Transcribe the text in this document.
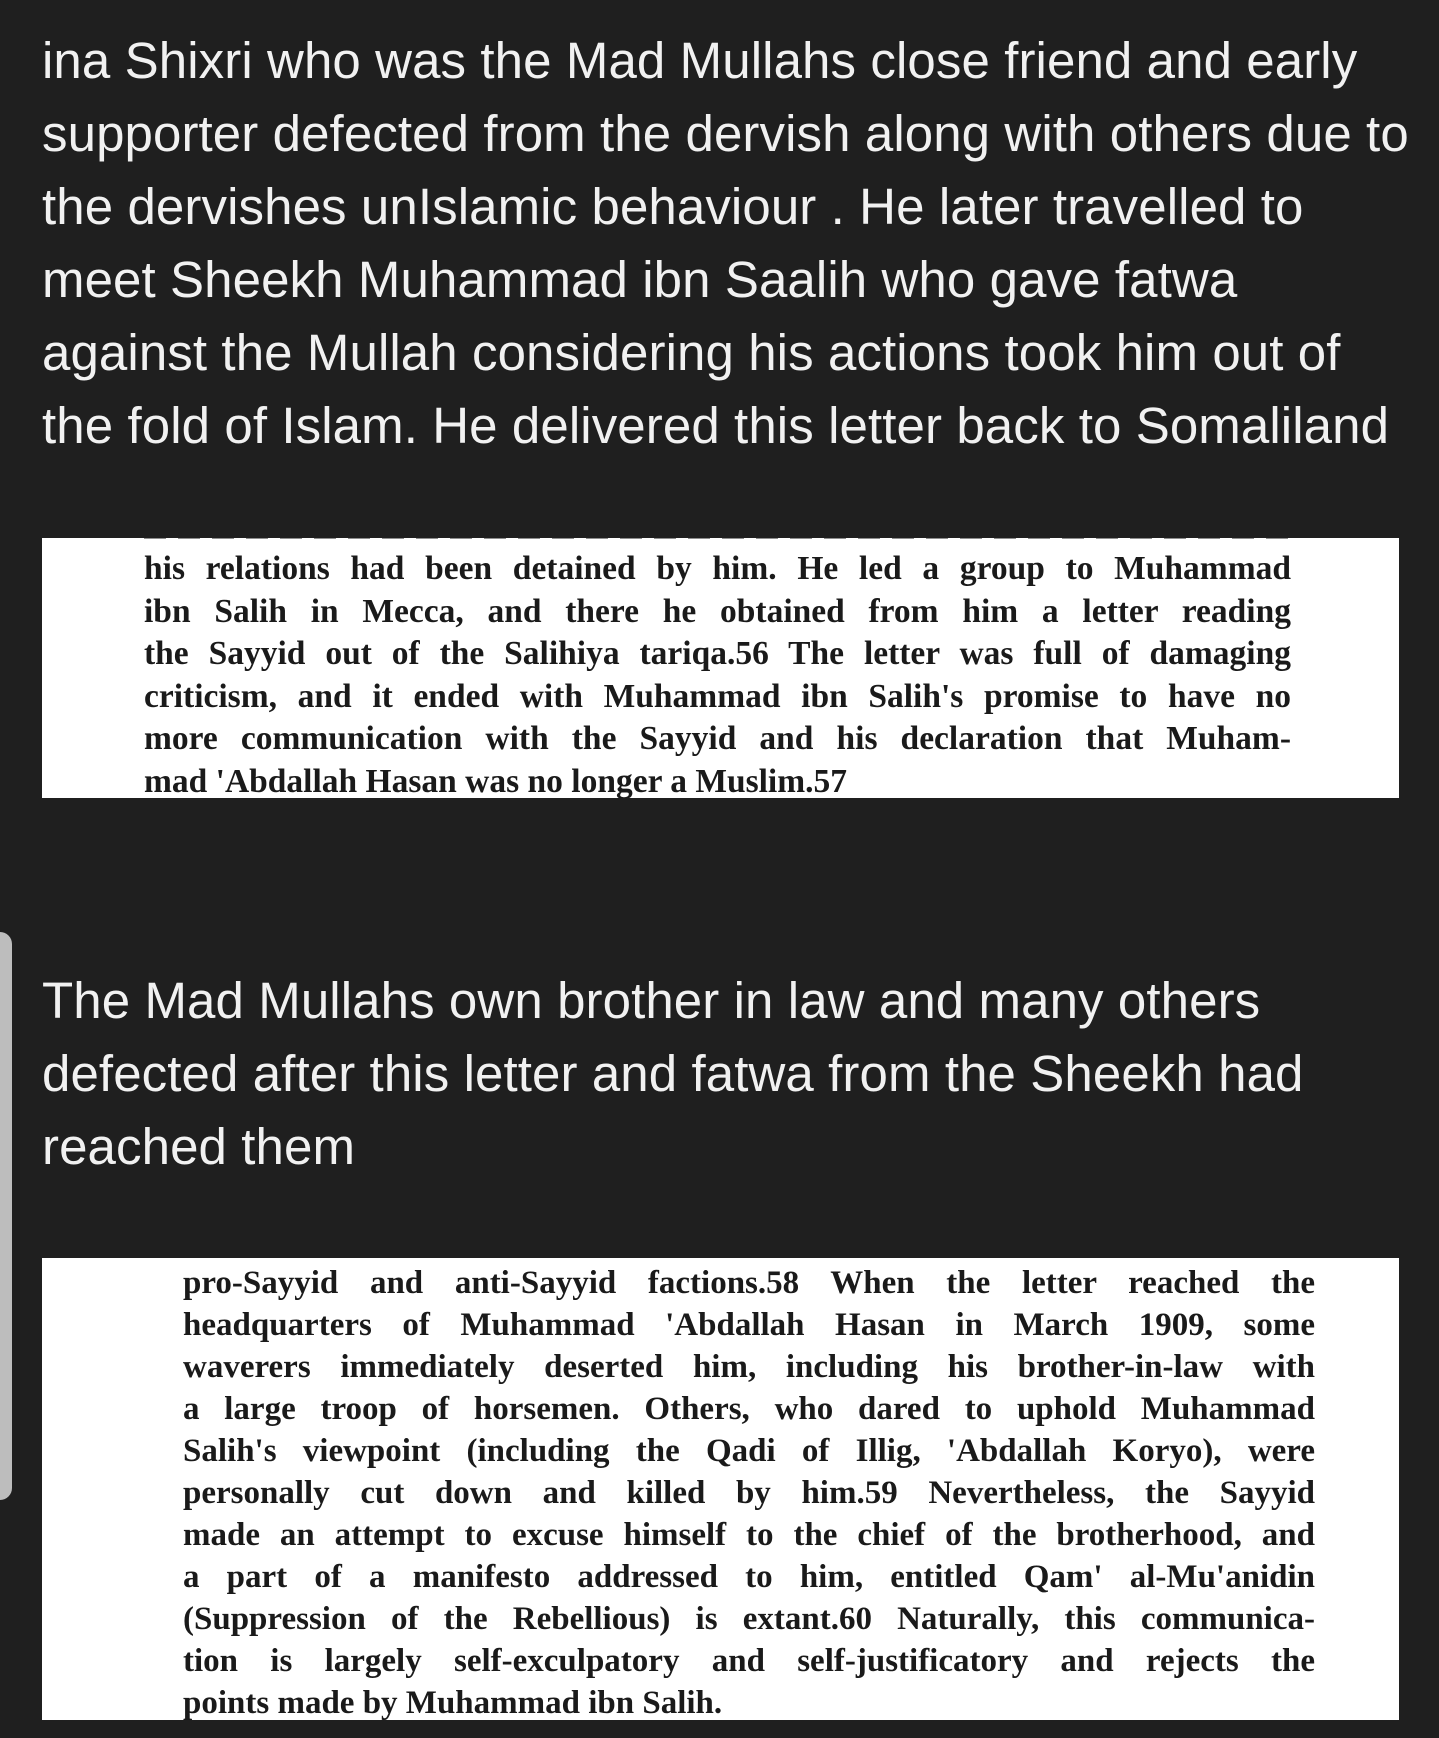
ina Shixri who was the Mad Mullahs close friend and early supporter defected from the dervish along with others due to the dervishes unIslamic behaviour . He later travelled to meet Sheekh Muhammad ibn Saalih who gave fatwa against the Mullah considering his actions took him out of the fold of Islam. He delivered this letter back to Somaliland

his relations had been detained by him. He led a group to Muhammad
ibn Salih in Mecca, and there he obtained from him a letter reading
the Sayyid out of the Salihiya tariqa.56 The letter was full of damaging
criticism, and it ended with Muhammad ibn Salih's promise to have no
more communication with the Sayyid and his declaration that Muham-
mad 'Abdallah Hasan was no longer a Muslim.57

The Mad Mullahs own brother in law and many others defected after this letter and fatwa from the Sheekh had reached them

pro-Sayyid and anti-Sayyid factions.58 When the letter reached the
headquarters of Muhammad 'Abdallah Hasan in March 1909, some
waverers immediately deserted him, including his brother-in-law with
a large troop of horsemen. Others, who dared to uphold Muhammad
Salih's viewpoint (including the Qadi of Illig, 'Abdallah Koryo), were
personally cut down and killed by him.59 Nevertheless, the Sayyid
made an attempt to excuse himself to the chief of the brotherhood, and
a part of a manifesto addressed to him, entitled Qam' al-Mu'anidin
(Suppression of the Rebellious) is extant.60 Naturally, this communica-
tion is largely self-exculpatory and self-justificatory and rejects the
points made by Muhammad ibn Salih.
